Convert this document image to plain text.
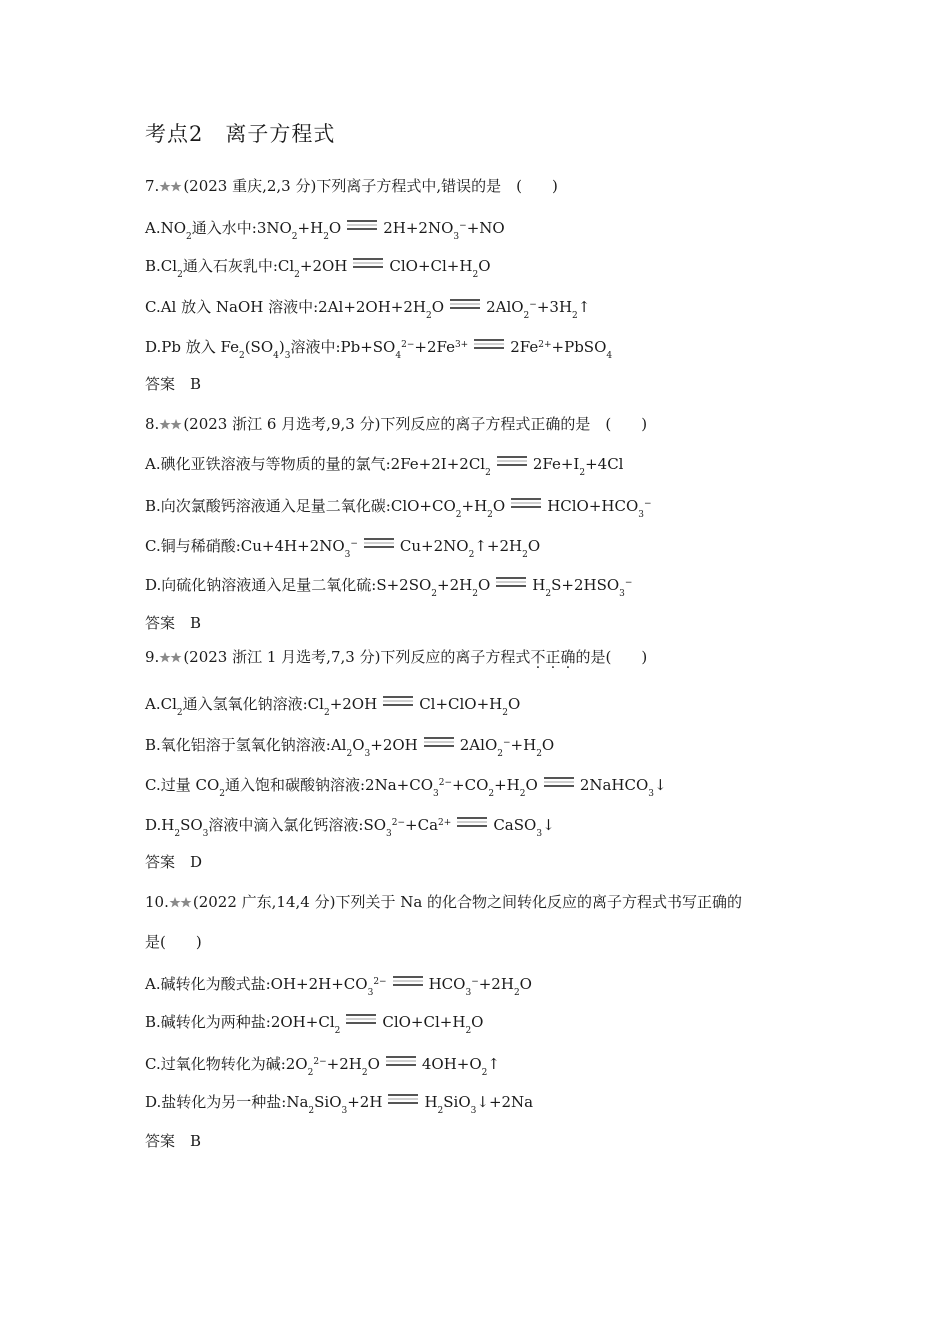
考点2　离子方程式
7. (2023 重庆,2,3 分)下列离子方程式中,错误的是　(　　)
$A.NO_2$通入水中$:3NO_2+H_2O$	$2H+2NO_3^-+NO$
$B.Cl_2$通入石灰乳中$:Cl_2+2OH$	$ClO+Cl+H_2O$
C.Al 放入 NaOH 溶液中$:2Al+2OH+2H_2O$	$2AlO_2^-+3H_2↑$
D.Pb 放入 $Fe_2(SO_4)_3$溶液中$:Pb+SO_4^{2-}+2Fe^{3+}$	$2Fe^{2+}+PbSO_4$
答案　 B
8. (2023 浙江 6 月选考,9,3 分)下列反应的离子方程式正确的是　(　　)
A.碘化亚铁溶液与等物质的量的氯气$:2Fe+2I+2Cl_2$	$2Fe+I_2+4Cl$
B.向次氯酸钙溶液通入足量二氧化碳$:ClO+CO_2+H_2O$	$HClO+HCO_3^-$
C.铜与稀硝酸$:Cu+4H+2NO_3^-$	$Cu+2NO_2↑+2H_2O$
D.向硫化钠溶液通入足量二氧化硫$:S+2SO_2+2H_2O$	$H_2S+2HSO_3^-$
答案　 B
9. (2023 浙江 1 月选考,7,3 分)下列反应的离子方程式不正确的是(　　)
$A.Cl_2$通入氢氧化钠溶液$:Cl_2+2OH$	$Cl+ClO+H_2O$
B.氧化铝溶于氢氧化钠溶液$:Al_2O_3+2OH$	$2AlO_2^-+H_2O$
C.过量 $CO_2$通入饱和碳酸钠溶液$:2Na+CO_3^{2-}+CO_2+H_2O$	2NaHCO$_3$↓
$D.H_2SO_3$溶液中滴入氯化钙溶液$:SO_3^{2-}+Ca^{2+}$	CaSO$_3$↓
答案　 D
10. (2022 广东,14,4 分)下列关于 Na 的化合物之间转化反应的离子方程式书写正确的
是(　　)
A.碱转化为酸式盐$:OH+2H+CO_3^{2-}$	$HCO_3^-+2H_2O$
B.碱转化为两种盐$:2OH+Cl_2$	$ClO+Cl+H_2O$
C.过氧化物转化为碱$:2O_2^{2-}+2H_2O$	$4OH+O_2↑$
D.盐转化为另一种盐$:Na_2SiO_3+2H$	$H_2SiO_3↓+2Na$
答案　 B
